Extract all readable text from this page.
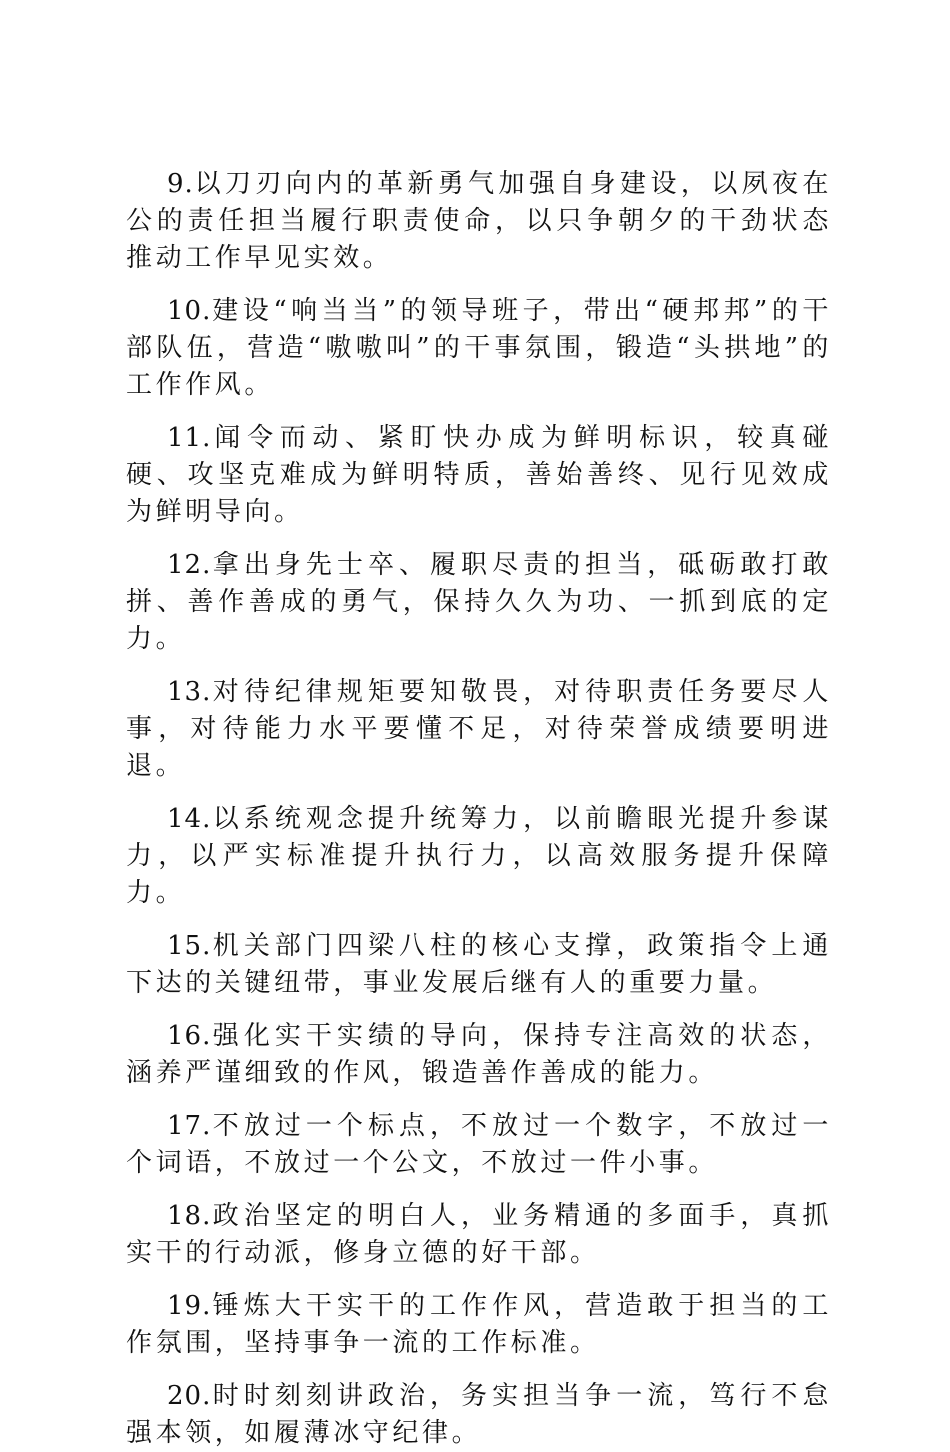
9.以刀刃向内的革新勇气加强自身建设，以夙夜在公的责任担当履行职责使命，以只争朝夕的干劲状态推动工作早见实效。

10.建设“响当当”的领导班子，带出“硬邦邦”的干部队伍，营造“嗷嗷叫”的干事氛围，锻造“头拱地”的工作作风。

11.闻令而动、紧盯快办成为鲜明标识，较真碰硬、攻坚克难成为鲜明特质，善始善终、见行见效成为鲜明导向。

12.拿出身先士卒、履职尽责的担当，砥砺敢打敢拼、善作善成的勇气，保持久久为功、一抓到底的定力。

13.对待纪律规矩要知敬畏，对待职责任务要尽人事，对待能力水平要懂不足，对待荣誉成绩要明进退。

14.以系统观念提升统筹力，以前瞻眼光提升参谋力，以严实标准提升执行力，以高效服务提升保障力。

15.机关部门四梁八柱的核心支撑，政策指令上通下达的关键纽带，事业发展后继有人的重要力量。

16.强化实干实绩的导向，保持专注高效的状态，涵养严谨细致的作风，锻造善作善成的能力。

17.不放过一个标点，不放过一个数字，不放过一个词语，不放过一个公文，不放过一件小事。

18.政治坚定的明白人，业务精通的多面手，真抓实干的行动派，修身立德的好干部。

19.锤炼大干实干的工作作风，营造敢于担当的工作氛围，坚持事争一流的工作标准。

20.时时刻刻讲政治，务实担当争一流，笃行不怠强本领，如履薄冰守纪律。
